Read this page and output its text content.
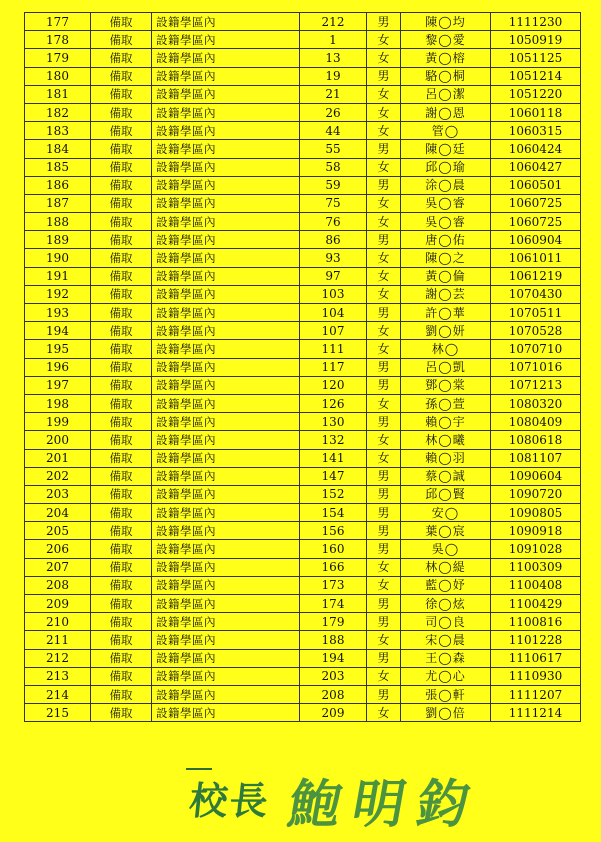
177	備取	設籍學區內	212	男	陳◯均	1111230
178	備取	設籍學區內	1	女	黎◯愛	1050919
179	備取	設籍學區內	13	女	黃◯榕	1051125
180	備取	設籍學區內	19	男	駱◯桐	1051214
181	備取	設籍學區內	21	女	呂◯潔	1051220
182	備取	設籍學區內	26	女	謝◯恩	1060118
183	備取	設籍學區內	44	女	管◯	1060315
184	備取	設籍學區內	55	男	陳◯廷	1060424
185	備取	設籍學區內	58	女	邱◯瑜	1060427
186	備取	設籍學區內	59	男	涂◯晨	1060501
187	備取	設籍學區內	75	女	吳◯睿	1060725
188	備取	設籍學區內	76	女	吳◯睿	1060725
189	備取	設籍學區內	86	男	唐◯佑	1060904
190	備取	設籍學區內	93	女	陳◯之	1061011
191	備取	設籍學區內	97	女	黃◯倫	1061219
192	備取	設籍學區內	103	女	謝◯芸	1070430
193	備取	設籍學區內	104	男	許◯華	1070511
194	備取	設籍學區內	107	女	劉◯妍	1070528
195	備取	設籍學區內	111	女	林◯	1070710
196	備取	設籍學區內	117	男	呂◯凱	1071016
197	備取	設籍學區內	120	男	鄧◯棠	1071213
198	備取	設籍學區內	126	女	孫◯萱	1080320
199	備取	設籍學區內	130	男	賴◯宇	1080409
200	備取	設籍學區內	132	女	林◯曦	1080618
201	備取	設籍學區內	141	女	賴◯羽	1081107
202	備取	設籍學區內	147	男	蔡◯誠	1090604
203	備取	設籍學區內	152	男	邱◯賢	1090720
204	備取	設籍學區內	154	男	安◯	1090805
205	備取	設籍學區內	156	男	葉◯宸	1090918
206	備取	設籍學區內	160	男	吳◯	1091028
207	備取	設籍學區內	166	女	林◯緹	1100309
208	備取	設籍學區內	173	女	藍◯妤	1100408
209	備取	設籍學區內	174	男	徐◯炫	1100429
210	備取	設籍學區內	179	男	司◯良	1100816
211	備取	設籍學區內	188	女	宋◯晨	1101228
212	備取	設籍學區內	194	男	王◯森	1110617
213	備取	設籍學區內	203	女	尤◯心	1110930
214	備取	設籍學區內	208	男	張◯軒	1111207
215	備取	設籍學區內	209	女	劉◯倍	1111214
校長 鮑明鈞
